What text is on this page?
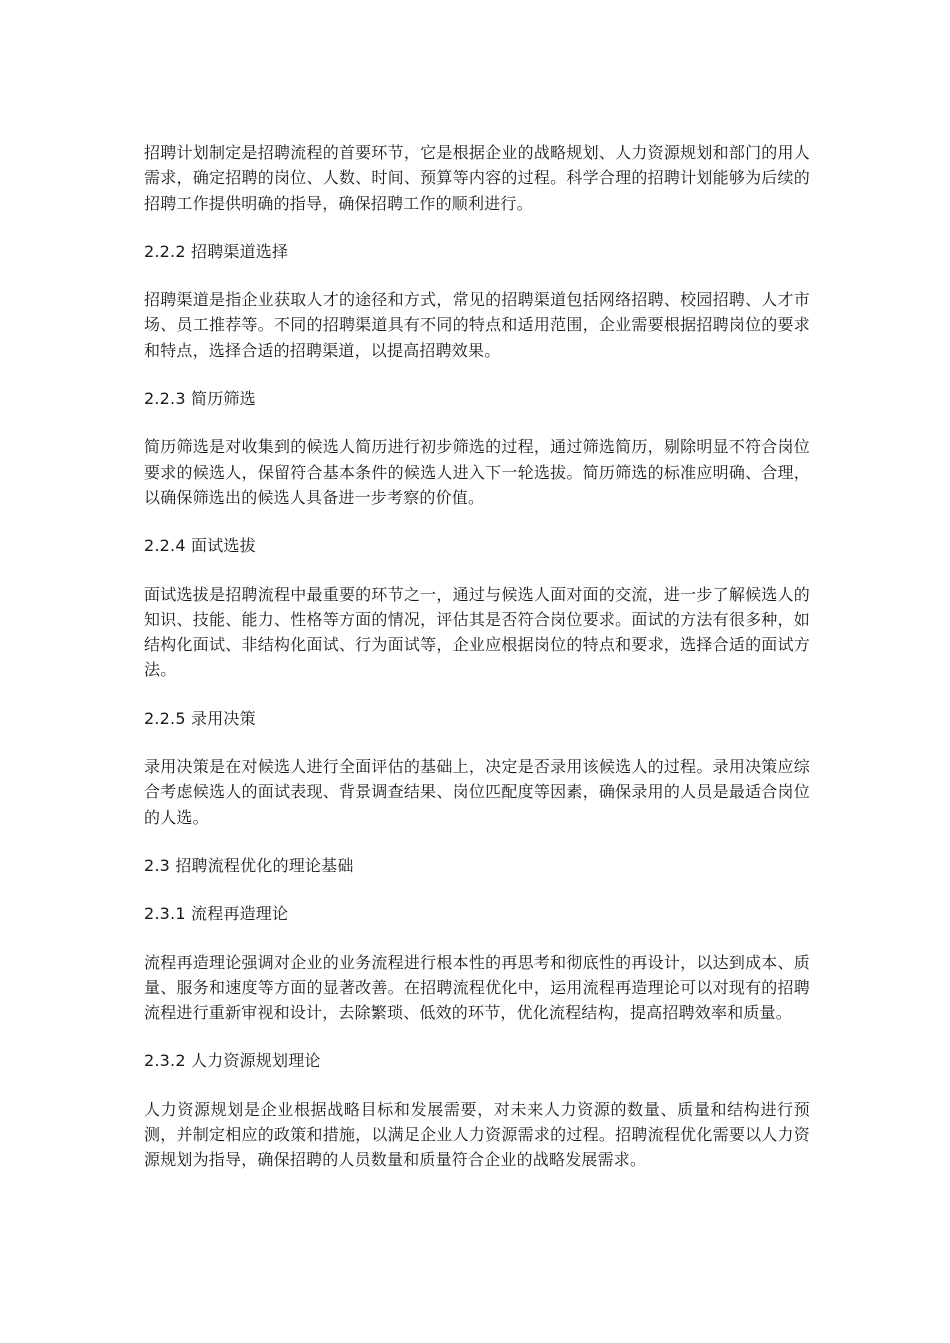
招聘计划制定是招聘流程的首要环节，它是根据企业的战略规划、人力资源规划和部门的用人需求，确定招聘的岗位、人数、时间、预算等内容的过程。科学合理的招聘计划能够为后续的招聘工作提供明确的指导，确保招聘工作的顺利进行。

2.2.2 招聘渠道选择

招聘渠道是指企业获取人才的途径和方式，常见的招聘渠道包括网络招聘、校园招聘、人才市场、员工推荐等。不同的招聘渠道具有不同的特点和适用范围，企业需要根据招聘岗位的要求和特点，选择合适的招聘渠道，以提高招聘效果。

2.2.3 简历筛选

简历筛选是对收集到的候选人简历进行初步筛选的过程，通过筛选简历，剔除明显不符合岗位要求的候选人，保留符合基本条件的候选人进入下一轮选拔。简历筛选的标准应明确、合理，以确保筛选出的候选人具备进一步考察的价值。

2.2.4 面试选拔

面试选拔是招聘流程中最重要的环节之一，通过与候选人面对面的交流，进一步了解候选人的知识、技能、能力、性格等方面的情况，评估其是否符合岗位要求。面试的方法有很多种，如结构化面试、非结构化面试、行为面试等，企业应根据岗位的特点和要求，选择合适的面试方法。

2.2.5 录用决策

录用决策是在对候选人进行全面评估的基础上，决定是否录用该候选人的过程。录用决策应综合考虑候选人的面试表现、背景调查结果、岗位匹配度等因素，确保录用的人员是最适合岗位的人选。

2.3 招聘流程优化的理论基础

2.3.1 流程再造理论

流程再造理论强调对企业的业务流程进行根本性的再思考和彻底性的再设计，以达到成本、质量、服务和速度等方面的显著改善。在招聘流程优化中，运用流程再造理论可以对现有的招聘流程进行重新审视和设计，去除繁琐、低效的环节，优化流程结构，提高招聘效率和质量。

2.3.2 人力资源规划理论

人力资源规划是企业根据战略目标和发展需要，对未来人力资源的数量、质量和结构进行预测，并制定相应的政策和措施，以满足企业人力资源需求的过程。招聘流程优化需要以人力资源规划为指导，确保招聘的人员数量和质量符合企业的战略发展需求。
